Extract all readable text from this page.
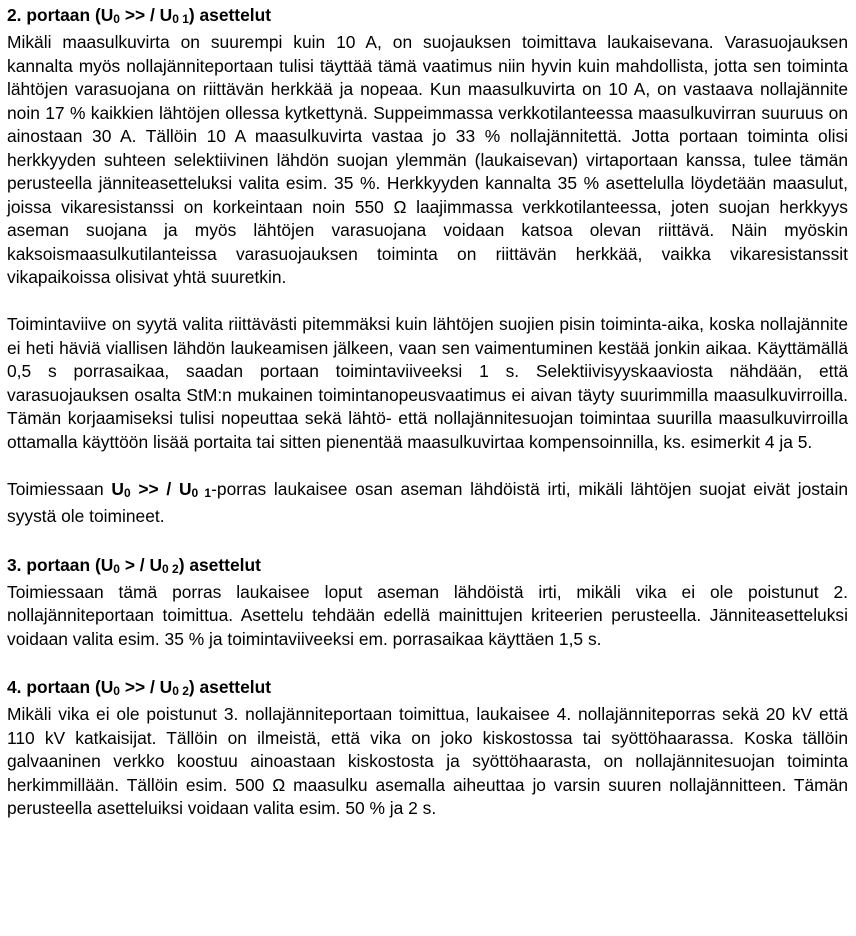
2. portaan ($U_0$ >> / $U_{0 1}$) asettelut

Mikäli maasulkuvirta on suurempi kuin 10 A, on suojauksen toimittava laukaisevana. Varasuojauksen kannalta myös nollajänniteportaan tulisi täyttää tämä vaatimus niin hyvin kuin mahdollista, jotta sen toiminta lähtöjen varasuojana on riittävän herkkää ja nopeaa. Kun maasulkuvirta on 10 A, on vastaava nollajännite noin 17 % kaikkien lähtöjen ollessa kytkettynä. Suppeimmassa verkkotilanteessa maasulkuvirran suuruus on ainostaan 30 A. Tällöin 10 A maasulkuvirta vastaa jo 33 % nollajännitettä. Jotta portaan toiminta olisi herkkyyden suhteen selektiivinen lähdön suojan ylemmän (laukaisevan) virtaportaan kanssa, tulee tämän perusteella jänniteasetteluksi valita esim. 35 %. Herkkyyden kannalta 35 % asettelulla löydetään maasulut, joissa vikaresistanssi on korkeintaan noin 550 Ω laajimmassa verkkotilanteessa, joten suojan herkkyys aseman suojana ja myös lähtöjen varasuojana voidaan katsoa olevan riittävä. Näin myöskin kaksoismaasulkutilanteissa varasuojauksen toiminta on riittävän herkkää, vaikka vikaresistanssit vikapaikoissa olisivat yhtä suuretkin.

Toimintaviive on syytä valita riittävästi pitemmäksi kuin lähtöjen suojien pisin toiminta-aika, koska nollajännite ei heti häviä viallisen lähdön laukeamisen jälkeen, vaan sen vaimentuminen kestää jonkin aikaa. Käyttämällä 0,5 s porrasaikaa, saadan portaan toimintaviiveeksi 1 s. Selektiivisyyskaaviosta nähdään, että varasuojauksen osalta StM:n mukainen toimintanopeusvaatimus ei aivan täyty suurimmilla maasulkuvirroilla. Tämän korjaamiseksi tulisi nopeuttaa sekä lähtö- että nollajännitesuojan toimintaa suurilla maasulkuvirroilla ottamalla käyttöön lisää portaita tai sitten pienentää maasulkuvirtaa kompensoinnilla, ks. esimerkit 4 ja 5.

Toimiessaan $U_0$ >> / $U_{0 1}$-porras laukaisee osan aseman lähdöistä irti, mikäli lähtöjen suojat eivät jostain syystä ole toimineet.

3. portaan ($U_0$ > / $U_{0 2}$) asettelut

Toimiessaan tämä porras laukaisee loput aseman lähdöistä irti, mikäli vika ei ole poistunut 2. nollajänniteportaan toimittua. Asettelu tehdään edellä mainittujen kriteerien perusteella. Jänniteasetteluksi voidaan valita esim. 35 % ja toimintaviiveeksi em. porrasaikaa käyttäen 1,5 s.

4. portaan ($U_0$ >> / $U_{0 2}$) asettelut

Mikäli vika ei ole poistunut 3. nollajänniteportaan toimittua, laukaisee 4. nollajänniteporras sekä 20 kV että 110 kV katkaisijat. Tällöin on ilmeistä, että vika on joko kiskostossa tai syöttöhaarassa. Koska tällöin galvaaninen verkko koostuu ainoastaan kiskostosta ja syöttöhaarasta, on nollajännitesuojan toiminta herkimmillään. Tällöin esim. 500 Ω maasulku asemalla aiheuttaa jo varsin suuren nollajännitteen. Tämän perusteella asetteluiksi voidaan valita esim. 50 % ja 2 s.
